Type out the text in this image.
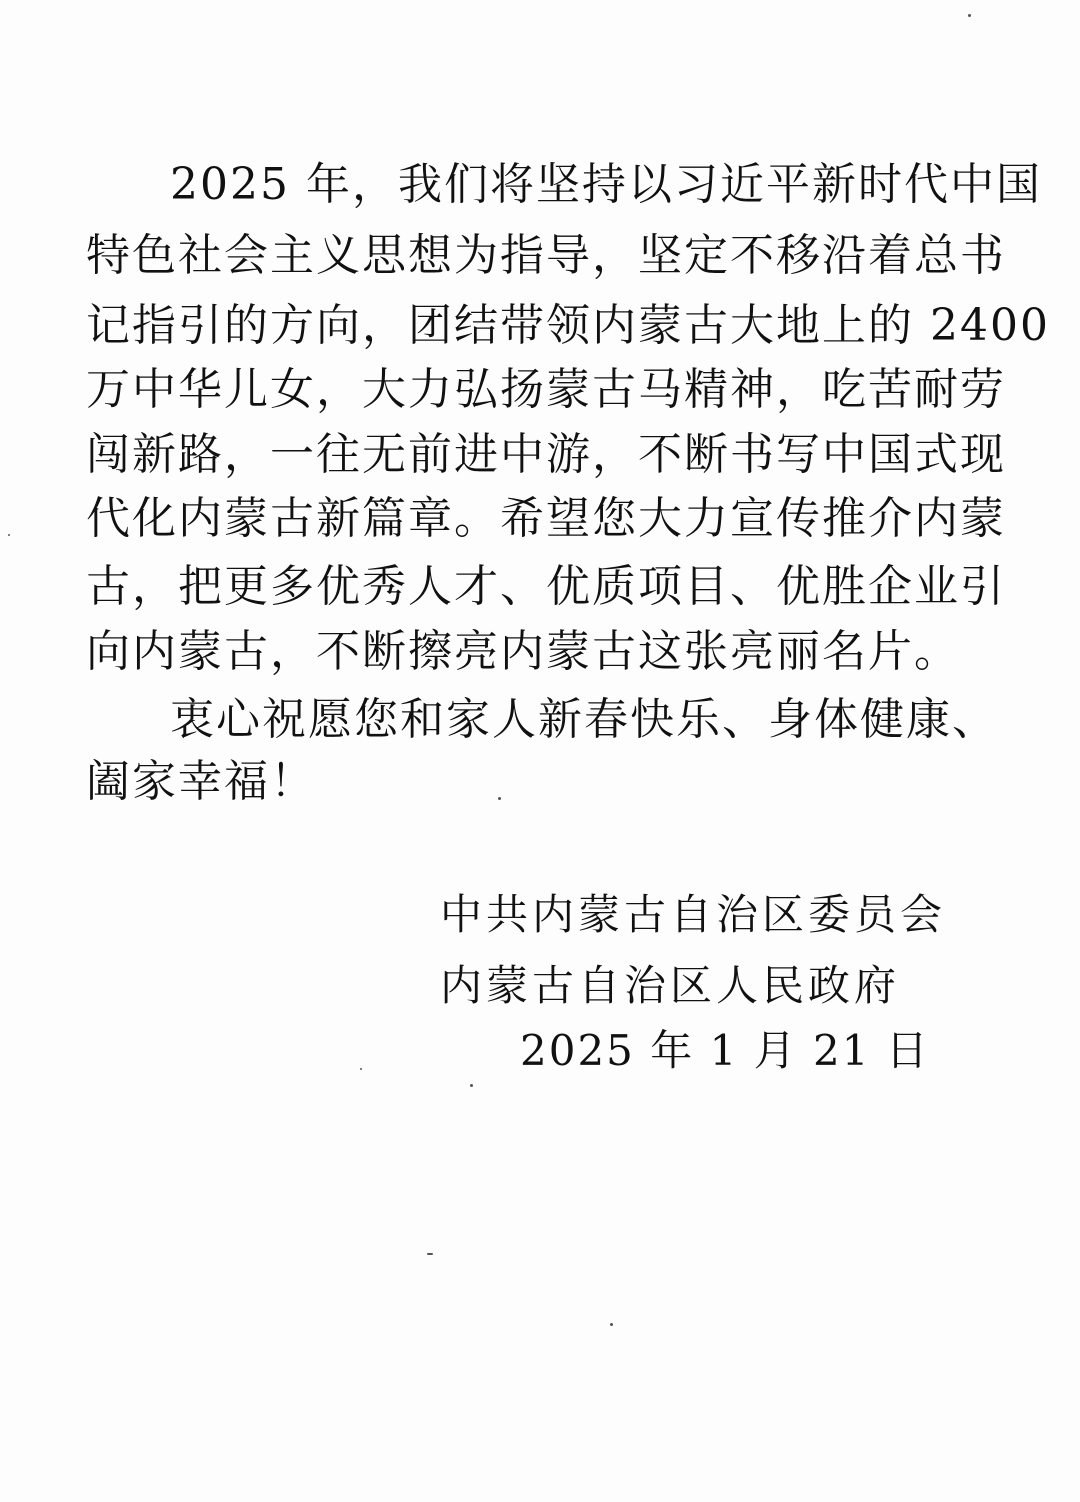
2025 年，我们将坚持以习近平新时代中国
特色社会主义思想为指导，坚定不移沿着总书
记指引的方向，团结带领内蒙古大地上的 2400
万中华儿女，大力弘扬蒙古马精神，吃苦耐劳
闯新路，一往无前进中游，不断书写中国式现
代化内蒙古新篇章。希望您大力宣传推介内蒙
古，把更多优秀人才、优质项目、优胜企业引
向内蒙古，不断擦亮内蒙古这张亮丽名片。
衷心祝愿您和家人新春快乐、身体健康、
阖家幸福！
中共内蒙古自治区委员会
内蒙古自治区人民政府
2025 年 1 月 21 日
